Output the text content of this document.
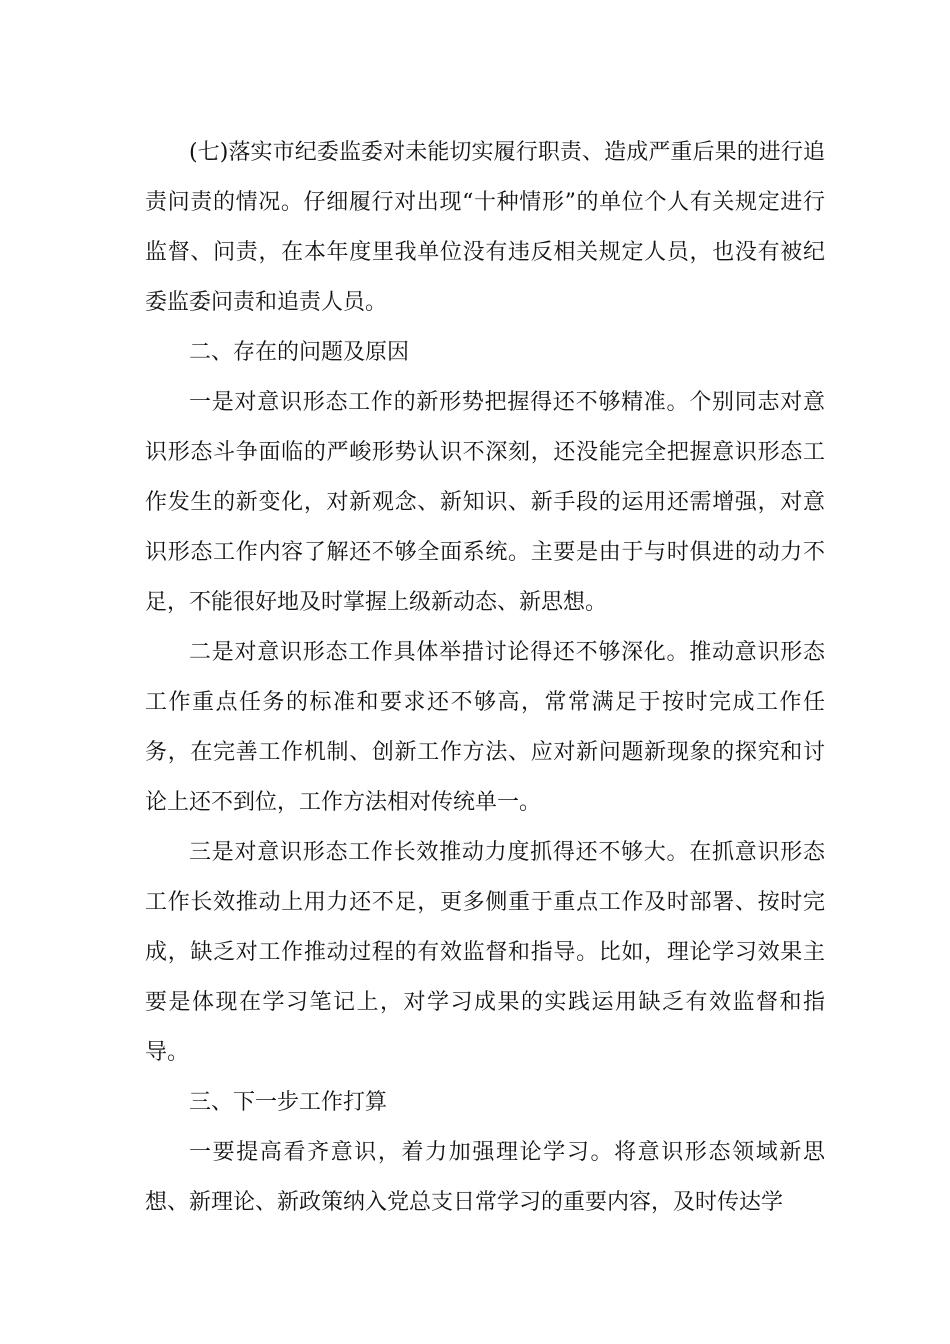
(七)落实市纪委监委对未能切实履行职责、造成严重后果的进行追责问责的情况。仔细履行对出现“十种情形”的单位个人有关规定进行监督、问责，在本年度里我单位没有违反相关规定人员，也没有被纪委监委问责和追责人员。

二、存在的问题及原因

一是对意识形态工作的新形势把握得还不够精准。个别同志对意识形态斗争面临的严峻形势认识不深刻，还没能完全把握意识形态工作发生的新变化，对新观念、新知识、新手段的运用还需增强，对意识形态工作内容了解还不够全面系统。主要是由于与时俱进的动力不足，不能很好地及时掌握上级新动态、新思想。

二是对意识形态工作具体举措讨论得还不够深化。推动意识形态工作重点任务的标准和要求还不够高，常常满足于按时完成工作任务，在完善工作机制、创新工作方法、应对新问题新现象的探究和讨论上还不到位，工作方法相对传统单一。

三是对意识形态工作长效推动力度抓得还不够大。在抓意识形态工作长效推动上用力还不足，更多侧重于重点工作及时部署、按时完成，缺乏对工作推动过程的有效监督和指导。比如，理论学习效果主要是体现在学习笔记上，对学习成果的实践运用缺乏有效监督和指导。

三、下一步工作打算

一要提高看齐意识，着力加强理论学习。将意识形态领域新思想、新理论、新政策纳入党总支日常学习的重要内容，及时传达学
